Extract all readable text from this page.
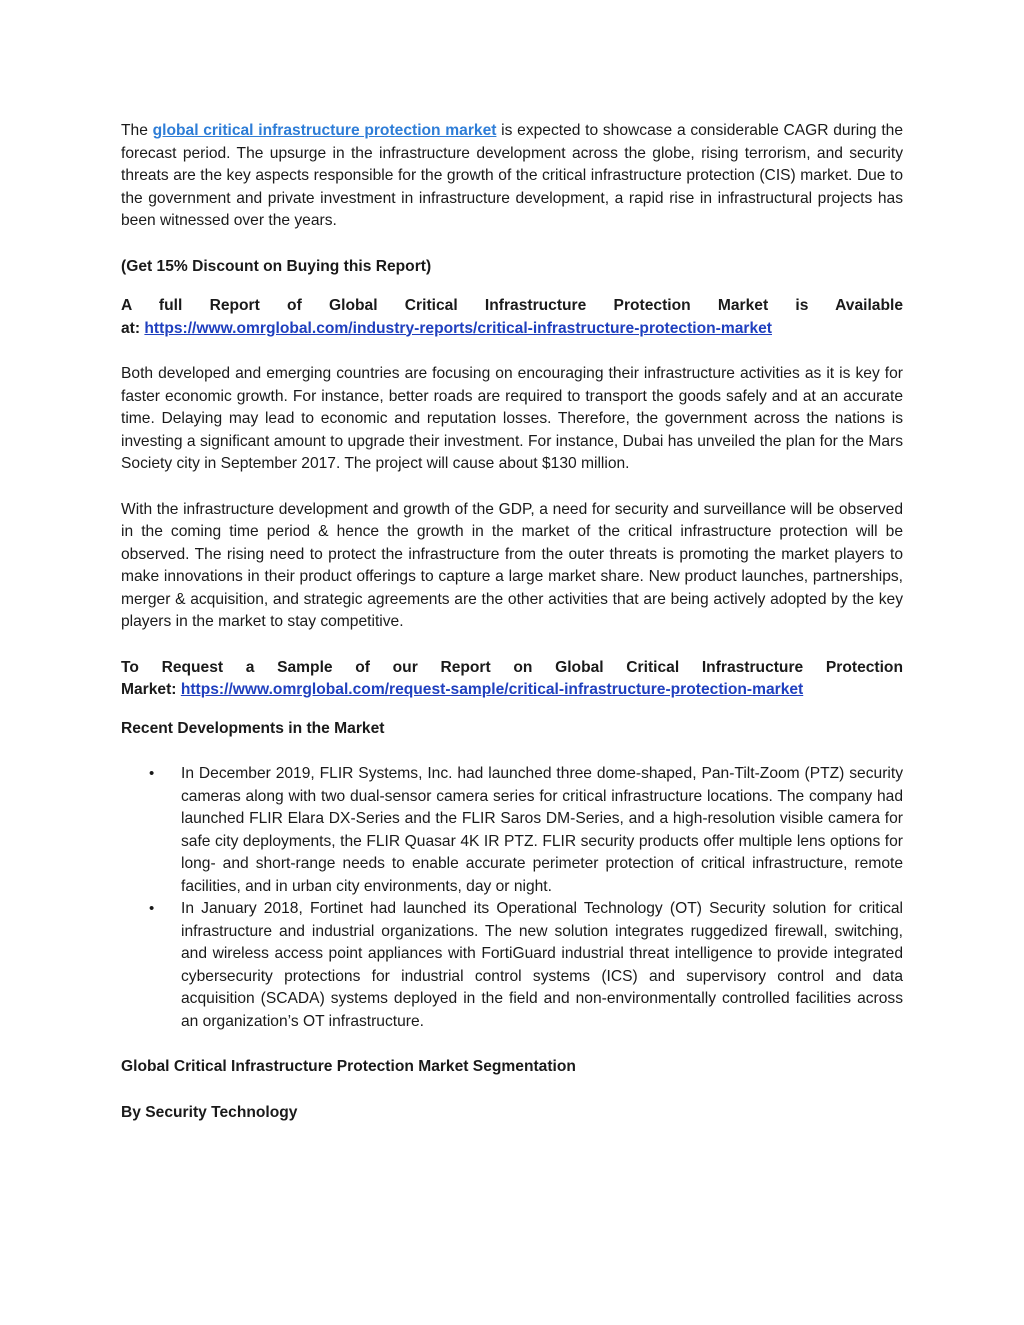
The global critical infrastructure protection market is expected to showcase a considerable CAGR during the forecast period. The upsurge in the infrastructure development across the globe, rising terrorism, and security threats are the key aspects responsible for the growth of the critical infrastructure protection (CIS) market. Due to the government and private investment in infrastructure development, a rapid rise in infrastructural projects has been witnessed over the years.

(Get 15% Discount on Buying this Report)

A full Report of Global Critical Infrastructure Protection Market is Available
at: https://www.omrglobal.com/industry-reports/critical-infrastructure-protection-market

Both developed and emerging countries are focusing on encouraging their infrastructure activities as it is key for faster economic growth. For instance, better roads are required to transport the goods safely and at an accurate time. Delaying may lead to economic and reputation losses. Therefore, the government across the nations is investing a significant amount to upgrade their investment. For instance, Dubai has unveiled the plan for the Mars Society city in September 2017. The project will cause about $130 million.

With the infrastructure development and growth of the GDP, a need for security and surveillance will be observed in the coming time period & hence the growth in the market of the critical infrastructure protection will be observed. The rising need to protect the infrastructure from the outer threats is promoting the market players to make innovations in their product offerings to capture a large market share. New product launches, partnerships, merger & acquisition, and strategic agreements are the other activities that are being actively adopted by the key players in the market to stay competitive.

To Request a Sample of our Report on Global Critical Infrastructure Protection
Market: https://www.omrglobal.com/request-sample/critical-infrastructure-protection-market

Recent Developments in the Market

• In December 2019, FLIR Systems, Inc. had launched three dome-shaped, Pan-Tilt-Zoom (PTZ) security cameras along with two dual-sensor camera series for critical infrastructure locations. The company had launched FLIR Elara DX-Series and the FLIR Saros DM-Series, and a high-resolution visible camera for safe city deployments, the FLIR Quasar 4K IR PTZ. FLIR security products offer multiple lens options for long- and short-range needs to enable accurate perimeter protection of critical infrastructure, remote facilities, and in urban city environments, day or night.
• In January 2018, Fortinet had launched its Operational Technology (OT) Security solution for critical infrastructure and industrial organizations. The new solution integrates ruggedized firewall, switching, and wireless access point appliances with FortiGuard industrial threat intelligence to provide integrated cybersecurity protections for industrial control systems (ICS) and supervisory control and data acquisition (SCADA) systems deployed in the field and non-environmentally controlled facilities across an organization’s OT infrastructure.

Global Critical Infrastructure Protection Market Segmentation

By Security Technology
